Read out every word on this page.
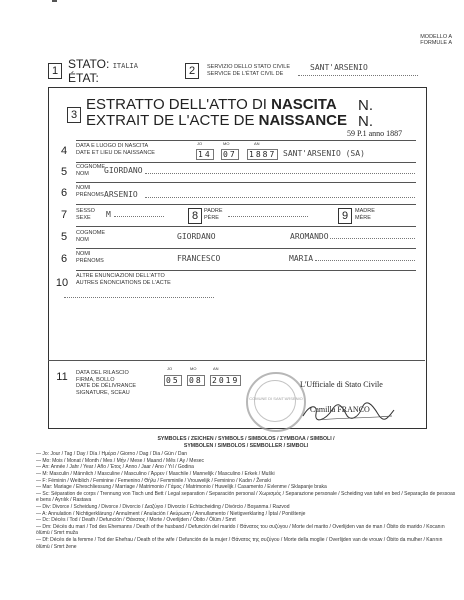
MODELLO A
FORMULE A
1 STATO: ITALIA
ÉTAT:	2	SERVIZIO DELLO STATO CIVILE
SERVICE DE L'ÉTAT CIVIL DE
SANT'ARSENIO
3
ESTRATTO DELL'ATTO DI NASCITA N.
EXTRAIT DE L'ACTE DE NAISSANCE N.
59 P.1 anno 1887
4	DATA E LUOGO DI NASCITA
DATE ET LIEU DE NAISSANCE
JO	MO	AN
14 07 1887 SANT'ARSENIO (SA)
5	COGNOME
NOM	GIORDANO
6	NOMI
PRÉNOMS ARSENIO
7	SESSO
SEXE	M	8	PADRE
PÈRE	9	MADRE
MÈRE
5	COGNOME
NOM	GIORDANO	AROMANDO
6	NOMI
PRÉNOMS	FRANCESCO	MARIA
10
ALTRE ENUNCIAZIONI DELL'ATTO
AUTRES ÉNONCIATIONS DE L'ACTE
11	DATA DEL RILASCIO
FIRMA, BOLLO
DATE DE DÉLIVRANCE
SIGNATURE, SCEAU
JO	MO	AN
05 08 2019
COMUNE DI SANT'ARSENIO
L'Ufficiale di Stato Civile
Camilla FRANCO
SYMBOLES / ZEICHEN / SYMBOLS / SIMBOLOS / ΣΥΜΒΟΛΑ / SIMBOLI /
SYMBOLEN / SIMBOLOS / SEMBOLLER / SIMBOLI
— Jo: Jour / Tag / Day / Día / Ημέρα / Giorno / Dag / Dia / Gün / Dan
— Mo: Mois / Monat / Month / Mes / Μήν / Mese / Maand / Mês / Ay / Mesec
— An: Année / Jahr / Year / Año / Έτος / Anno / Jaar / Ano / Yıl / Godina
— M: Masculin / Männlich / Masculine / Masculino / Άρρεν / Maschile / Mannelijk / Masculino / Erkek / Muški
— F: Féminin / Weiblich / Feminine / Femenino / Θήλυ / Femminile / Vrouwelijk / Feminino / Kadın / Ženski
— Mar: Mariage / Eheschliessung / Marriage / Matrimonio / Γάμος / Matrimonio / Huwelijk / Casamento / Evlenme / Sklapanje braka
— Sc: Séparation de corps / Trennung von Tisch und Bett / Legal separation / Separación personal / Χωρισμός / Separazione personale / Scheiding van tafel en bed / Separação de pessoas e bens / Ayrılık / Rastava
— Div: Divorce / Scheidung / Divorce / Divorcio / Διαζύγιο / Divorzio / Echtscheiding / Divórcio / Boşanma / Razvod
— A: Annulation / Nichtigerklärung / Annulment / Anulación / Ακύρωση / Annullamento / Nietigverklaring / İptal / Poništenje
— Dc: Décès / Tod / Death / Defunción / Θάνατος / Morte / Overlijden / Óbito / Ölüm / Smrt
— Dm: Décès du mari / Tod des Ehemanns / Death of the husband / Defunción del marido / Θάνατος του συζύγου / Morte del marito / Overlijden van de man / Óbito do marido / Kocanın ölümü / Smrt muža
— Df: Décès de la femme / Tod der Ehefrau / Death of the wife / Defunción de la mujer / Θάνατος της συζύγου / Morte della moglie / Overlijden van de vrouw / Óbito da mulher / Karının ölümü / Smrt žene
